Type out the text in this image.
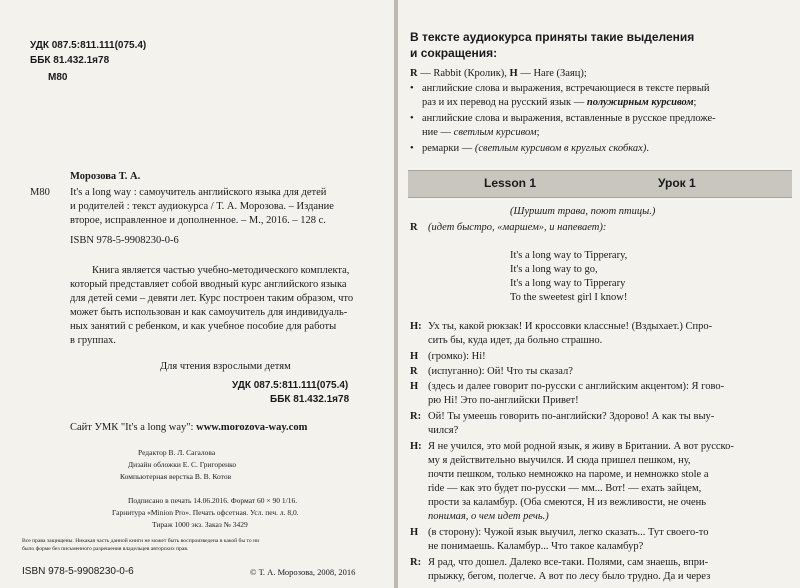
УДК 087.5:811.111(075.4)
ББК 81.432.1я78
М80
Морозова Т. А.
М80 It's a long way : самоучитель английского языка для детей
и родителей : текст аудиокурса / Т. А. Морозова. – Издание
второе, исправленное и дополненное. – М., 2016. – 128 с.
ISBN 978-5-9908230-0-6
Книга является частью учебно-методического комплекта,
который представляет собой вводный курс английского языка
для детей семи – девяти лет. Курс построен таким образом, что
может быть использован и как самоучитель для индивидуаль-
ных занятий с ребенком, и как учебное пособие для работы
в группах.
Для чтения взрослыми детям
УДК 087.5:811.111(075.4)
ББК 81.432.1я78
Сайт УМК "It's a long way": www.morozova-way.com
Редактор В. Л. Сагалова
Дизайн обложки Е. С. Григоренко
Компьютерная верстка В. В. Котов
Подписано в печать 14.06.2016. Формат 60 × 90 1/16.
Гарнитура «Minion Pro». Печать офсетная. Усл. печ. л. 8,0.
Тираж 1000 экз. Заказ № 3429
Все права защищены. Никакая часть данной книги не может быть воспроизведена в какой бы то ни
было форме без письменного разрешения владельцев авторских прав.
ISBN 978-5-9908230-0-6	© Т. А. Морозова, 2008, 2016
В тексте аудиокурса приняты такие выделения
и сокращения:
R — Rabbit (Кролик), H — Hare (Заяц);
• английские слова и выражения, встречающиеся в тексте первый
раз и их перевод на русский язык — полужирным курсивом;
• английские слова и выражения, вставленные в русское предложе-
ние — светлым курсивом;
• ремарки — (светлым курсивом в круглых скобках).
Lesson 1	Урок 1
(Шуршит трава, поют птицы.)
R (идет быстро, «маршем», и напевает):
It's a long way to Tipperary,
It's a long way to go,
It's a long way to Tipperary
To the sweetest girl I know!
H: Ух ты, какой рюкзак! И кроссовки классные! (Вздыхает.) Спро-
сить бы, куда идет, да больно страшно.
H (громко): Hi!
R (испуганно): Ой! Что ты сказал?
H (здесь и далее говорит по-русски с английским акцентом): Я гово-
рю Hi! Это по-английски Привет!
R: Ой! Ты умеешь говорить по-английски? Здорово! А как ты выу-
чился?
H: Я не учился, это мой родной язык, я живу в Британии. А вот русско-
му я действительно выучился. И сюда пришел пешком, ну,
почти пешком, только немножко на пароме, и немножко stole a
ride — как это будет по-русски — мм... Вот! — ехать зайцем,
прости за каламбур. (Оба смеются, H из вежливости, не очень
понимая, о чем идет речь.)
H (в сторону): Чужой язык выучил, легко сказать... Тут своего-то
не понимаешь. Каламбур... Что такое каламбур?
R: Я рад, что дошел. Далеко все-таки. Полями, сам знаешь, впри-
прыжку, бегом, полегче. А вот по лесу было трудно. Да и через
